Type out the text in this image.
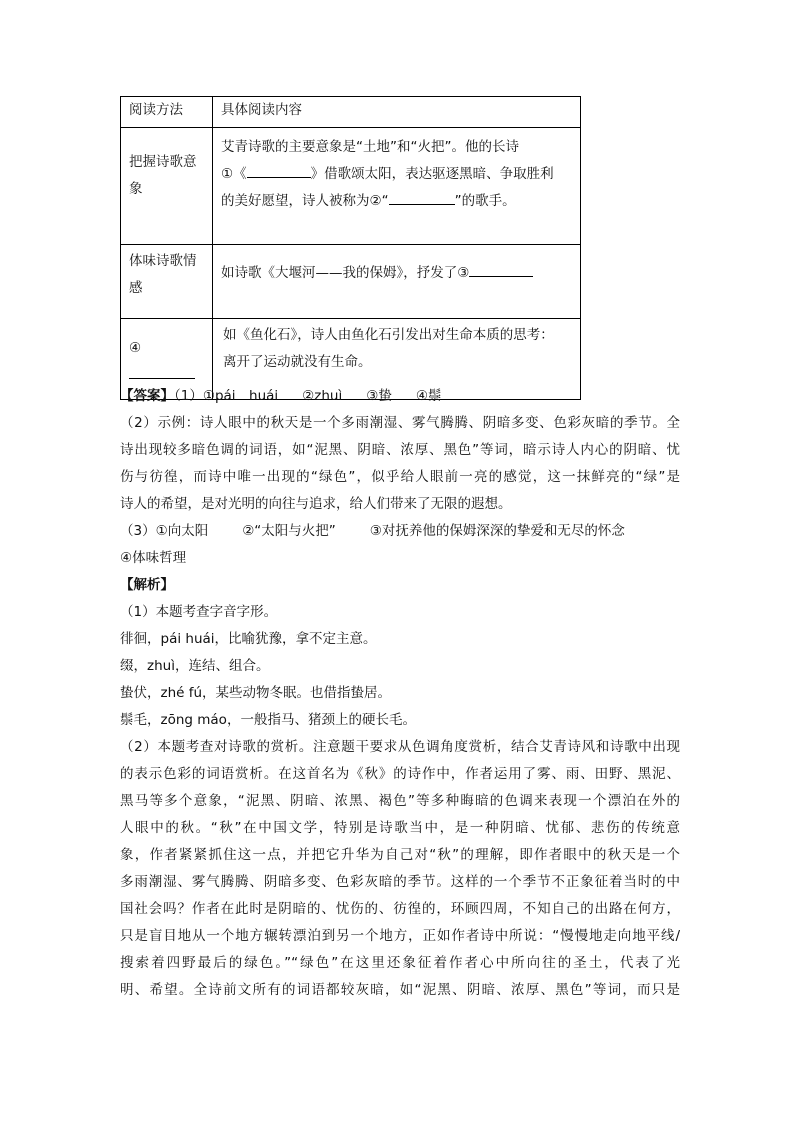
阅读方法	具体阅读内容
把握诗歌意象	艾青诗歌的主要意象是“土地”和“火把”。他的长诗
①《 》借歌颂太阳，表达驱逐黑暗、争取胜利
的美好愿望，诗人被称为②“ ”的歌手。

体味诗歌情感	如诗歌《大堰河——我的保姆》，抒发了③
④	如《鱼化石》，诗人由鱼化石引发出对生命本质的思考：
离开了运动就没有生命。
【答案】（1）①pái　huái ②zhuì ③蛰 ④鬃
（2）示例：诗人眼中的秋天是一个多雨潮湿、雾气腾腾、阴暗多变、色彩灰暗的季节。全
诗出现较多暗色调的词语，如“泥黑、阴暗、浓厚、黑色”等词，暗示诗人内心的阴暗、忧
伤与彷徨，而诗中唯一出现的“绿色”，似乎给人眼前一亮的感觉，这一抹鲜亮的“绿”是
诗人的希望，是对光明的向往与追求，给人们带来了无限的遐想。
（3）①向太阳	②“太阳与火把”	③对抚养他的保姆深深的挚爱和无尽的怀念
④体味哲理
【解析】
（1）本题考查字音字形。
徘徊，pái huái，比喻犹豫，拿不定主意。
缀，zhuì，连结、组合。
蛰伏，zhé fú，某些动物冬眠。也借指蛰居。
鬃毛，zōng máo，一般指马、猪颈上的硬长毛。
（2）本题考查对诗歌的赏析。注意题干要求从色调角度赏析，结合艾青诗风和诗歌中出现
的表示色彩的词语赏析。在这首名为《秋》的诗作中，作者运用了雾、雨、田野、黑泥、
黑马等多个意象，“泥黑、阴暗、浓黑、褐色”等多种晦暗的色调来表现一个漂泊在外的
人眼中的秋。“秋”在中国文学，特别是诗歌当中，是一种阴暗、忧郁、悲伤的传统意
象，作者紧紧抓住这一点，并把它升华为自己对“秋”的理解，即作者眼中的秋天是一个
多雨潮湿、雾气腾腾、阴暗多变、色彩灰暗的季节。这样的一个季节不正象征着当时的中
国社会吗？作者在此时是阴暗的、忧伤的、彷徨的，环顾四周，不知自己的出路在何方，
只是盲目地从一个地方辗转漂泊到另一个地方，正如作者诗中所说：“慢慢地走向地平线/
搜索着四野最后的绿色。”“绿色”在这里还象征着作者心中所向往的圣土，代表了光
明、希望。全诗前文所有的词语都较灰暗，如“泥黑、阴暗、浓厚、黑色”等词，而只是
